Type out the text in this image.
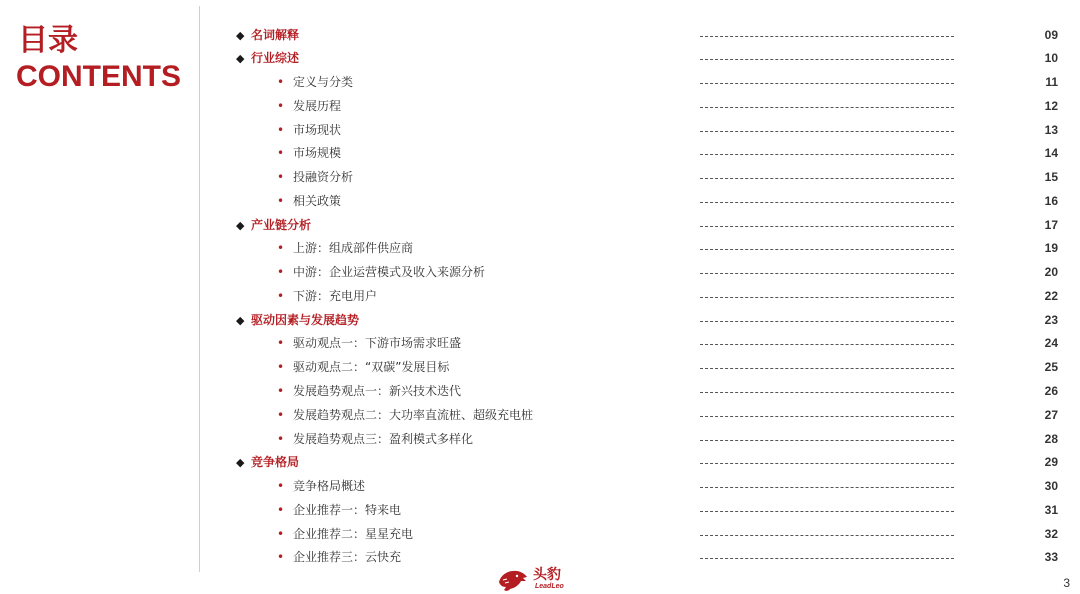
目录
CONTENTS
◆ 名词解释	09
◆ 行业综述	10
• 定义与分类	11
• 发展历程	12
• 市场现状	13
• 市场规模	14
• 投融资分析	15
• 相关政策	16
◆ 产业链分析	17
• 上游：组成部件供应商	19
• 中游：企业运营模式及收入来源分析	20
• 下游：充电用户	22
◆ 驱动因素与发展趋势	23
• 驱动观点一：下游市场需求旺盛	24
• 驱动观点二：“双碳”发展目标	25
• 发展趋势观点一：新兴技术迭代	26
• 发展趋势观点二：大功率直流桩、超级充电桩	27
• 发展趋势观点三：盈利模式多样化	28
◆ 竞争格局	29
• 竞争格局概述	30
• 企业推荐一：特来电	31
• 企业推荐二：星星充电	32
• 企业推荐三：云快充	33
头豹
LeadLeo	3
